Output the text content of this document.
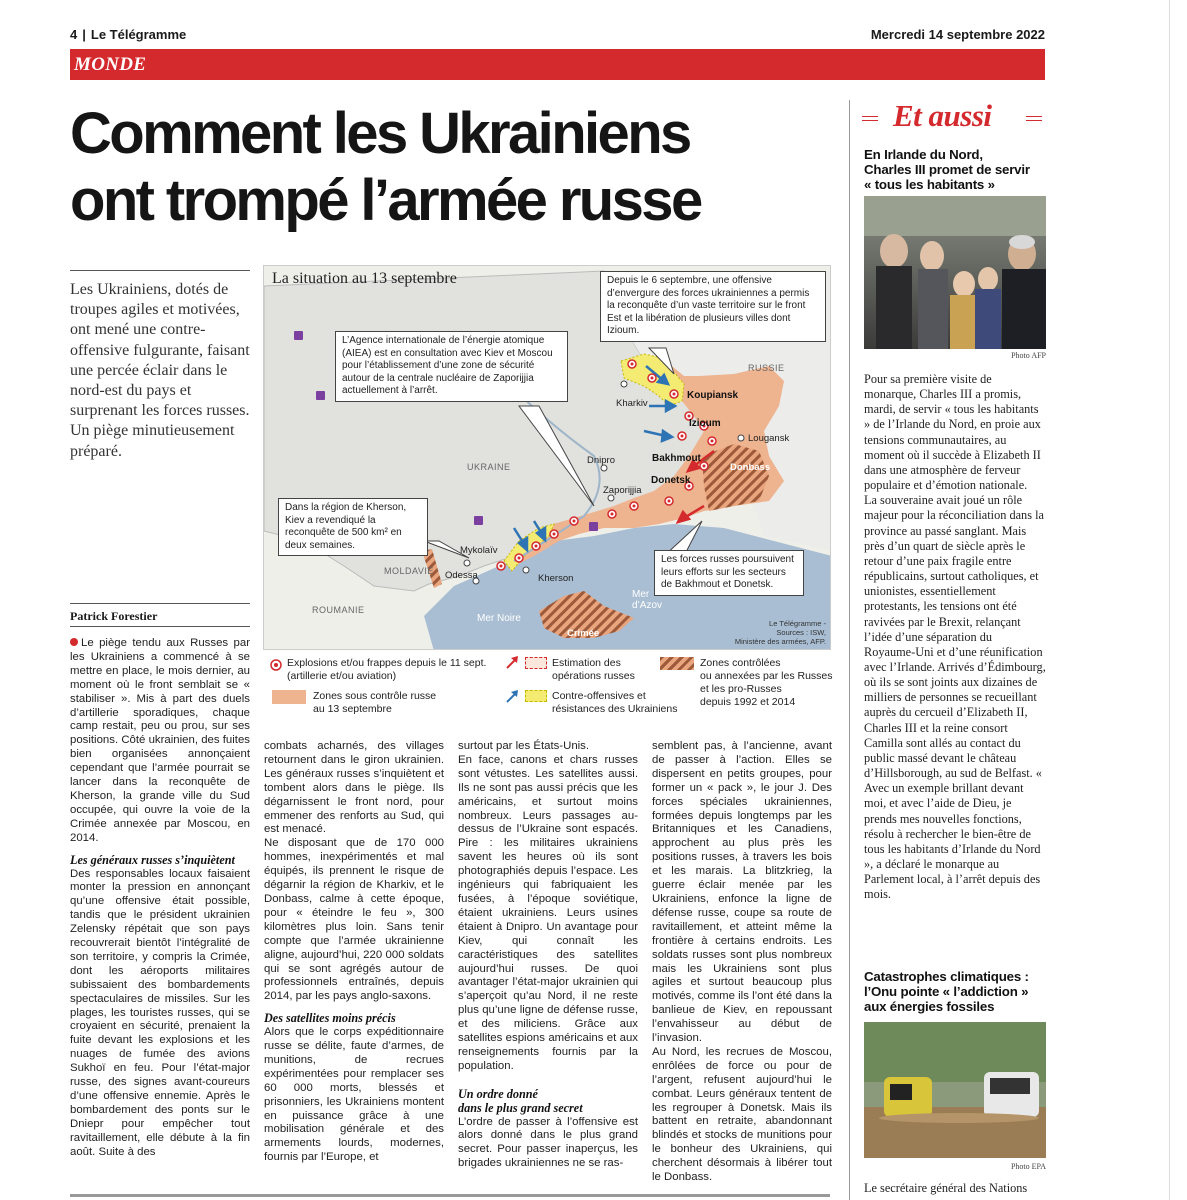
4 | Le Télégramme	Mercredi 14 septembre 2022
MONDE
Comment les Ukrainiens
ont trompé l’armée russe
Les Ukrainiens, dotés de troupes agiles et motivées, ont mené une contre-offensive fulgurante, faisant une percée éclair dans le nord-est du pays et surprenant les forces russes. Un piège minutieusement préparé.
La situation au 13 septembre	Depuis le 6 septembre, une offensive d’envergure des forces ukrainiennes a permis la reconquête d’un vaste territoire sur le front Est et la libération de plusieurs villes dont Izioum.
L’Agence internationale de l’énergie atomique (AIEA) est en consultation avec Kiev et Moscou pour l’établissement d’une zone de sécurité autour de la centrale nucléaire de Zaporijjia actuellement à l’arrêt.
Dans la région de Kherson, Kiev a revendiqué la reconquête de 500 km² en deux semaines.
Les forces russes poursuivent leurs efforts sur les secteurs de Bakhmout et Donetsk.
RUSSIE
UKRAINE
MOLDAVIE
ROUMANIE
Kharkiv
Koupiansk
Izioum
Lougansk
Bakhmout
Donbass
Dnipro
Zaporijjia
Donetsk
Mykolaïv
Kherson
Odessa
Crimée
Mer Noire
Mer
d’Azov
Le Télégramme -
Sources : ISW,
Ministère des armées, AFP.
Explosions et/ou frappes depuis le 11 sept.
(artillerie et/ou aviation)
Estimation des
opérations russes
Zones contrôlées
ou annexées par les Russes
et les pro-Russes
depuis 1992 et 2014
Zones sous contrôle russe
au 13 septembre
Contre-offensives et
résistances des Ukrainiens
Patrick Forestier

Le piège tendu aux Russes par les Ukrainiens a commencé à se mettre en place, le mois dernier, au moment où le front semblait se « stabiliser ». Mis à part des duels d’artillerie sporadiques, chaque camp restait, peu ou prou, sur ses positions. Côté ukrainien, des fuites bien organisées annonçaient cependant que l’armée pourrait se lancer dans la reconquête de Kherson, la grande ville du Sud occupée, qui ouvre la voie de la Crimée annexée par Moscou, en 2014.

Les généraux russes s’inquiètent

Des responsables locaux faisaient monter la pression en annonçant qu’une offensive était possible, tandis que le président ukrainien Zelensky répétait que son pays recouvrerait bientôt l’intégralité de son territoire, y compris la Crimée, dont les aéroports militaires subissaient des bombardements spectaculaires de missiles. Sur les plages, les touristes russes, qui se croyaient en sécurité, prenaient la fuite devant les explosions et les nuages de fumée des avions Sukhoï en feu. Pour l’état-major russe, des signes avant-coureurs d’une offensive ennemie. Après le bombardement des ponts sur le Dniepr pour empêcher tout ravitaillement, elle débute à la fin août. Suite à des

combats acharnés, des villages retournent dans le giron ukrainien. Les généraux russes s’inquiètent et tombent alors dans le piège. Ils dégarnissent le front nord, pour emmener des renforts au Sud, qui est menacé.

Ne disposant que de 170 000 hommes, inexpérimentés et mal équipés, ils prennent le risque de dégarnir la région de Kharkiv, et le Donbass, calme à cette époque, pour « éteindre le feu », 300 kilomètres plus loin. Sans tenir compte que l’armée ukrainienne aligne, aujourd’hui, 220 000 soldats qui se sont agrégés autour de professionnels entraînés, depuis 2014, par les pays anglo-saxons.

Des satellites moins précis

Alors que le corps expéditionnaire russe se délite, faute d’armes, de munitions, de recrues expérimentées pour remplacer ses 60 000 morts, blessés et prisonniers, les Ukrainiens montent en puissance grâce à une mobilisation générale et des armements lourds, modernes, fournis par l’Europe, et

surtout par les États-Unis.

En face, canons et chars russes sont vétustes. Les satellites aussi. Ils ne sont pas aussi précis que les américains, et surtout moins nombreux. Leurs passages au-dessus de l’Ukraine sont espacés. Pire : les militaires ukrainiens savent les heures où ils sont photographiés depuis l’espace. Les ingénieurs qui fabriquaient les fusées, à l’époque soviétique, étaient ukrainiens. Leurs usines étaient à Dnipro. Un avantage pour Kiev, qui connaît les caractéristiques des satellites aujourd’hui russes. De quoi avantager l’état-major ukrainien qui s’aperçoit qu’au Nord, il ne reste plus qu’une ligne de défense russe, et des miliciens. Grâce aux satellites espions américains et aux renseignements fournis par la population.

Un ordre donné
dans le plus grand secret

L’ordre de passer à l’offensive est alors donné dans le plus grand secret. Pour passer inaperçus, les brigades ukrainiennes ne se ras-

semblent pas, à l’ancienne, avant de passer à l’action. Elles se dispersent en petits groupes, pour former un « pack », le jour J. Des forces spéciales ukrainiennes, formées depuis longtemps par les Britanniques et les Canadiens, approchent au plus près les positions russes, à travers les bois et les marais. La blitzkrieg, la guerre éclair menée par les Ukrainiens, enfonce la ligne de défense russe, coupe sa route de ravitaillement, et atteint même la frontière à certains endroits. Les soldats russes sont plus nombreux mais les Ukrainiens sont plus agiles et surtout beaucoup plus motivés, comme ils l’ont été dans la banlieue de Kiev, en repoussant l’envahisseur au début de l’invasion.

Au Nord, les recrues de Moscou, enrôlées de force ou pour de l’argent, refusent aujourd’hui le combat. Leurs généraux tentent de les regrouper à Donetsk. Mais ils battent en retraite, abandonnant blindés et stocks de munitions pour le bonheur des Ukrainiens, qui cherchent désormais à libérer tout le Donbass.

Et aussi
En Irlande du Nord,
Charles III promet de servir
« tous les habitants »
Photo AFP

Pour sa première visite de monarque, Charles III a promis, mardi, de servir « tous les habitants » de l’Irlande du Nord, en proie aux tensions communautaires, au moment où il succède à Elizabeth II dans une atmosphère de ferveur populaire et d’émotion nationale.

La souveraine avait joué un rôle majeur pour la réconciliation dans la province au passé sanglant. Mais près d’un quart de siècle après le retour d’une paix fragile entre républicains, surtout catholiques, et unionistes, essentiellement protestants, les tensions ont été ravivées par le Brexit, relançant l’idée d’une séparation du Royaume-Uni et d’une réunification avec l’Irlande. Arrivés d’Édimbourg, où ils se sont joints aux dizaines de milliers de personnes se recueillant auprès du cercueil d’Elizabeth II, Charles III et la reine consort Camilla sont allés au contact du public massé devant le château d’Hillsborough, au sud de Belfast. « Avec un exemple brillant devant moi, et avec l’aide de Dieu, je prends mes nouvelles fonctions, résolu à rechercher le bien-être de tous les habitants d’Irlande du Nord », a déclaré le monarque au Parlement local, à l’arrêt depuis des mois.

Catastrophes climatiques :
l’Onu pointe « l’addiction »
aux énergies fossiles
Photo EPA
Le secrétaire général des Nations
